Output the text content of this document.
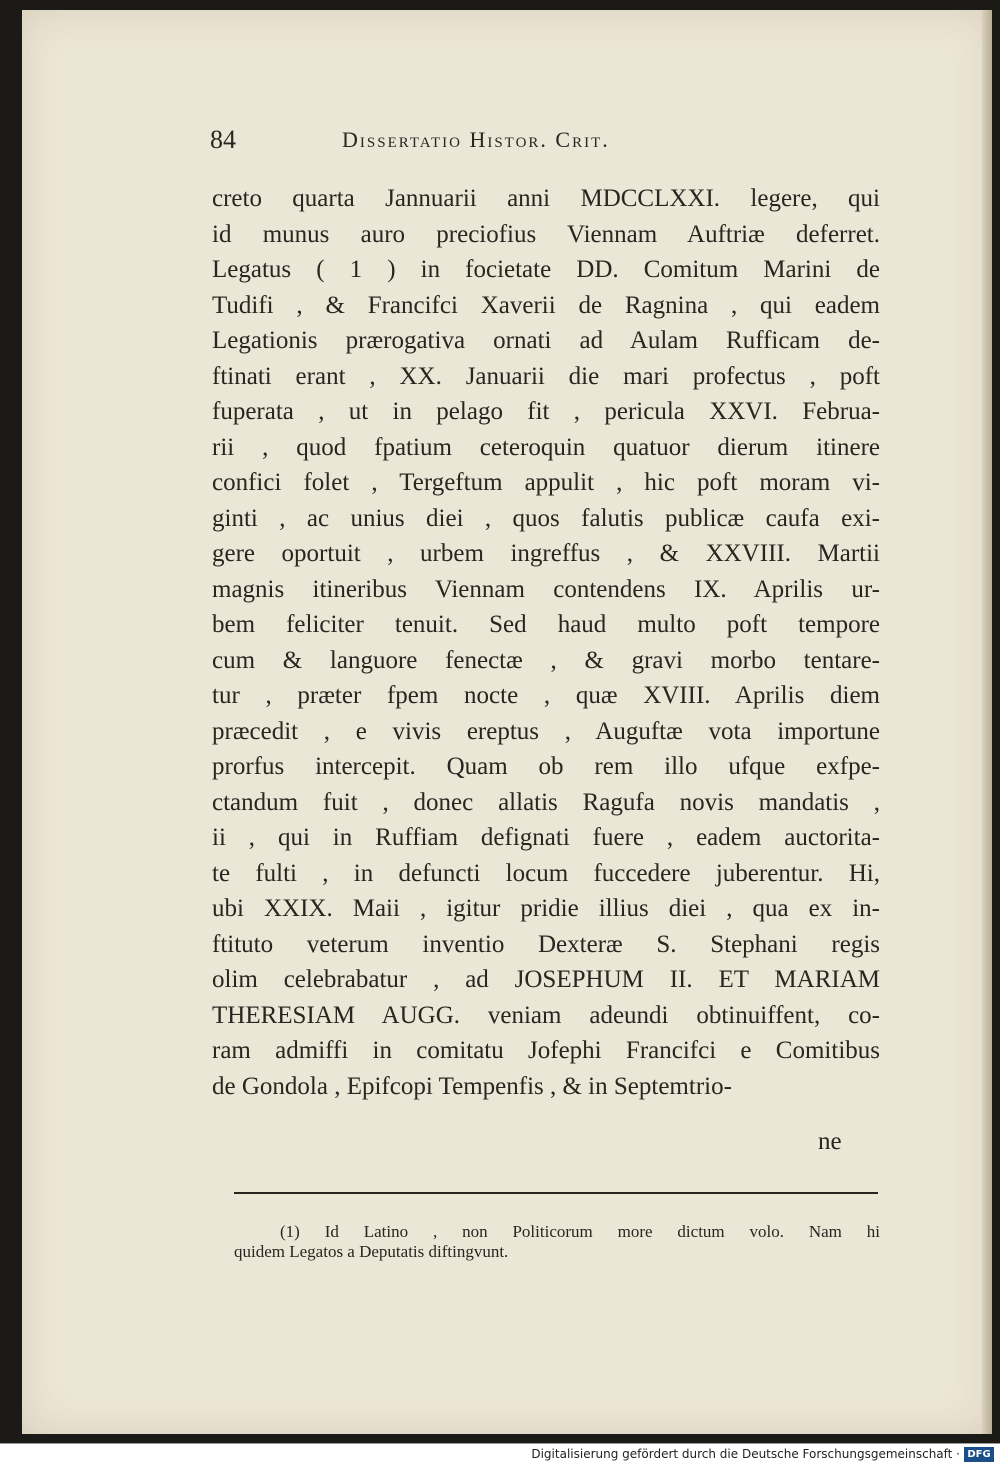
84	Dissertatio Histor. Crit.
creto quarta Jannuarii anni MDCCLXXI. legere, qui
id munus auro preciofius Viennam Auftriæ deferret.
Legatus ( 1 ) in focietate DD. Comitum Marini de
Tudifi , & Francifci Xaverii de Ragnina , qui eadem
Legationis prærogativa ornati ad Aulam Rufficam de-
ftinati erant , XX. Januarii die mari profectus , poft
fuperata , ut in pelago fit , pericula XXVI. Februa-
rii , quod fpatium ceteroquin quatuor dierum itinere
confici folet , Tergeftum appulit , hic poft moram vi-
ginti , ac unius diei , quos falutis publicæ caufa exi-
gere oportuit , urbem ingreffus , & XXVIII. Martii
magnis itineribus Viennam contendens IX. Aprilis ur-
bem feliciter tenuit. Sed haud multo poft tempore
cum & languore fenectæ , & gravi morbo tentare-
tur , præter fpem nocte , quæ XVIII. Aprilis diem
præcedit , e vivis ereptus , Auguftæ vota importune
prorfus intercepit. Quam ob rem illo ufque exfpe-
ctandum fuit , donec allatis Ragufa novis mandatis ,
ii , qui in Ruffiam defignati fuere , eadem auctorita-
te fulti , in defuncti locum fuccedere juberentur. Hi,
ubi XXIX. Maii , igitur pridie illius diei , qua ex in-
ftituto veterum inventio Dexteræ S. Stephani regis
olim celebrabatur , ad JOSEPHUM II. ET MARIAM
THERESIAM AUGG. veniam adeundi obtinuiffent, co-
ram admiffi in comitatu Jofephi Francifci e Comitibus
de Gondola , Epifcopi Tempenfis , & in Septemtrio-
ne
(1) Id Latino , non Politicorum more dictum volo. Nam hi
quidem Legatos a Deputatis diftingvunt.
Digitalisierung gefördert durch die Deutsche Forschungsgemeinschaft · DFG
